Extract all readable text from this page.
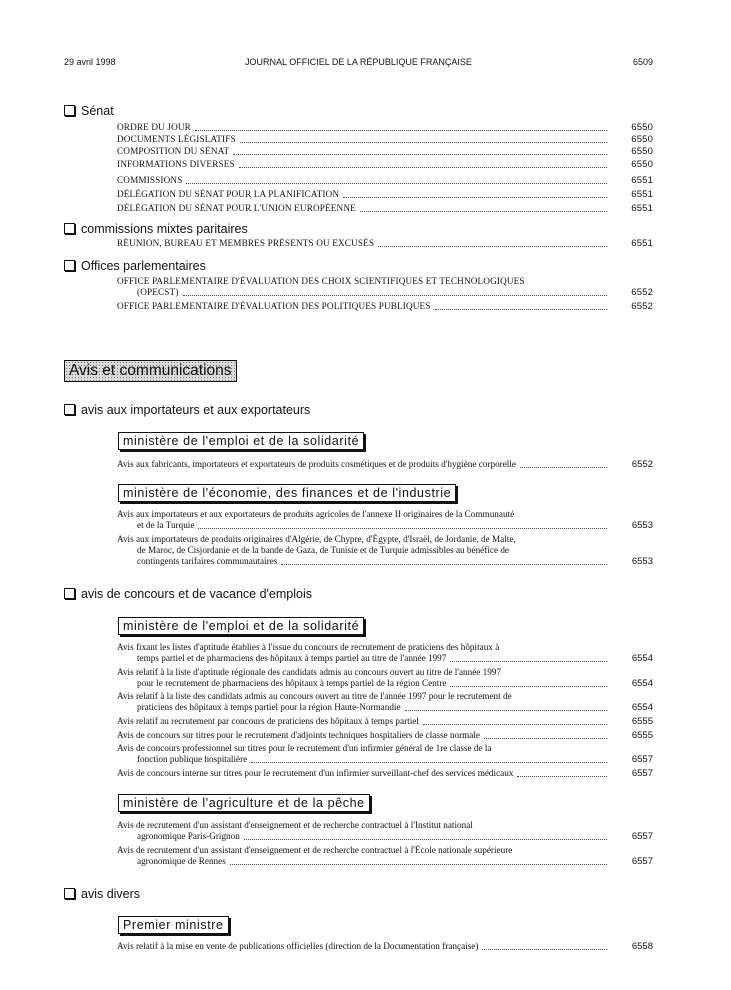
29 avril 1998	JOURNAL OFFICIEL DE LA RÉPUBLIQUE FRANÇAISE	6509
Sénat
ORDRE DU JOUR	6550
DOCUMENTS LÉGISLATIFS	6550
COMPOSITION DU SÉNAT	6550
INFORMATIONS DIVERSES	6550
COMMISSIONS	6551
DÉLÉGATION DU SÉNAT POUR LA PLANIFICATION	6551
DÉLÉGATION DU SÉNAT POUR L'UNION EUROPÉENNE	6551
commissions mixtes paritaires
RÉUNION, BUREAU ET MEMBRES PRÉSENTS OU EXCUSÉS	6551
Offices parlementaires
OFFICE PARLEMENTAIRE D'ÉVALUATION DES CHOIX SCIENTIFIQUES ET TECHNOLOGIQUES
(OPECST)	6552
OFFICE PARLEMENTAIRE D'ÉVALUATION DES POLITIQUES PUBLIQUES	6552
Avis et communications
avis aux importateurs et aux exportateurs
ministère de l'emploi et de la solidarité
Avis aux fabricants, importateurs et exportateurs de produits cosmétiques et de produits d'hygiène corporelle	6552
ministère de l'économie, des finances et de l'industrie
Avis aux importateurs et aux exportateurs de produits agricoles de l'annexe II originaires de la Communauté
et de la Turquie	6553
Avis aux importateurs de produits originaires d'Algérie, de Chypre, d'Égypte, d'Israël, de Jordanie, de Malte,
de Maroc, de Cisjordanie et de la bande de Gaza, de Tunisie et de Turquie admissibles au bénéfice de
contingents tarifaires communautaires	6553
avis de concours et de vacance d'emplois
ministère de l'emploi et de la solidarité
Avis fixant les listes d'aptitude établies à l'issue du concours de recrutement de praticiens des hôpitaux à
temps partiel et de pharmaciens des hôpitaux à temps partiel au titre de l'année 1997	6554
Avis relatif à la liste d'aptitude régionale des candidats admis au concours ouvert au titre de l'année 1997
pour le recrutement de pharmaciens des hôpitaux à temps partiel de la région Centre	6554
Avis relatif à la liste des candidats admis au concours ouvert au titre de l'année 1997 pour le recrutement de
praticiens des hôpitaux à temps partiel pour la région Haute-Normandie	6554
Avis relatif au recrutement par concours de praticiens des hôpitaux à temps partiel	6555
Avis de concours sur titres pour le recrutement d'adjoints techniques hospitaliers de classe normale	6555
Avis de concours professionnel sur titres pour le recrutement d'un infirmier général de 1re classe de la
fonction publique hospitalière	6557
Avis de concours interne sur titres pour le recrutement d'un infirmier surveillant-chef des services médicaux	6557
ministère de l'agriculture et de la pêche
Avis de recrutement d'un assistant d'enseignement et de recherche contractuel à l'Institut national
agronomique Paris-Grignon	6557
Avis de recrutement d'un assistant d'enseignement et de recherche contractuel à l'École nationale supérieure
agronomique de Rennes	6557
avis divers
Premier ministre
Avis relatif à la mise en vente de publications officielles (direction de la Documentation française)	6558
